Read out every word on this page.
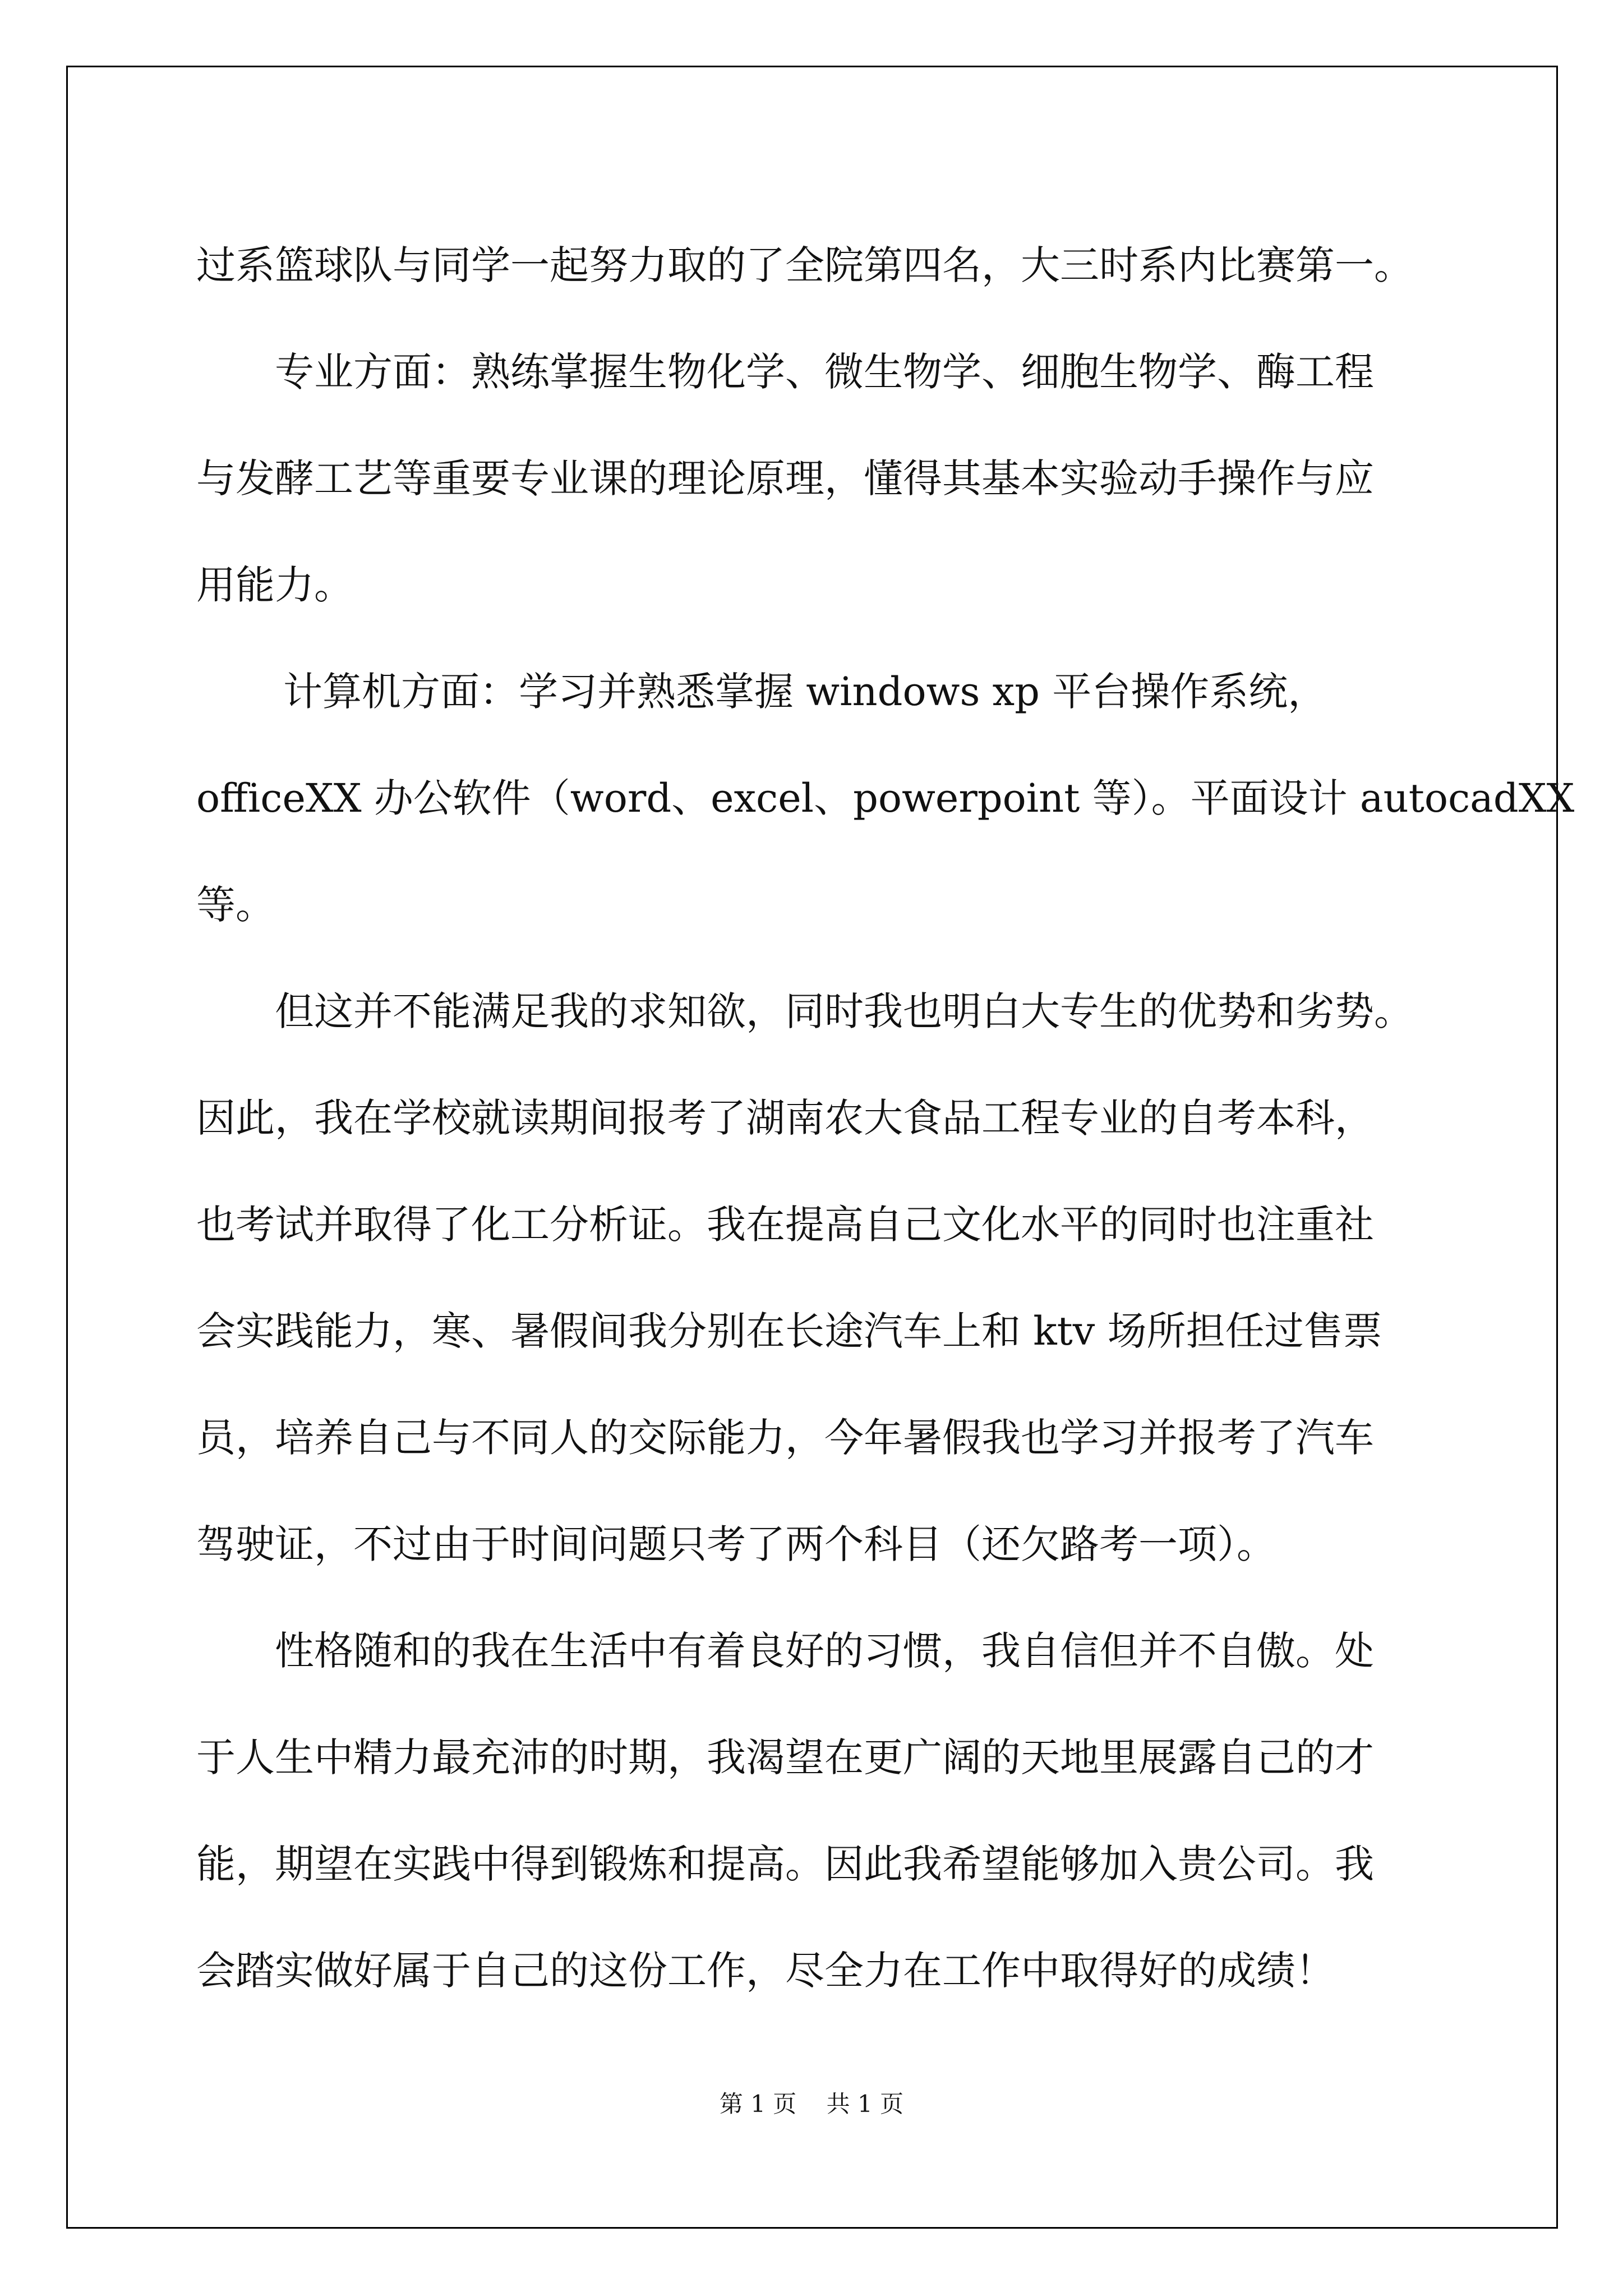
过系篮球队与同学一起努力取的了全院第四名，大三时系内比赛第一。
专业方面：熟练掌握生物化学、微生物学、细胞生物学、酶工程
与发酵工艺等重要专业课的理论原理，懂得其基本实验动手操作与应
用能力。
计算机方面：学习并熟悉掌握 windows xp 平台操作系统，
officeXX 办公软件（word、excel、powerpoint 等）。平面设计 autocadXX
等。
但这并不能满足我的求知欲，同时我也明白大专生的优势和劣势。
因此，我在学校就读期间报考了湖南农大食品工程专业的自考本科，
也考试并取得了化工分析证。我在提高自己文化水平的同时也注重社
会实践能力，寒、暑假间我分别在长途汽车上和 ktv 场所担任过售票
员，培养自己与不同人的交际能力，今年暑假我也学习并报考了汽车
驾驶证，不过由于时间问题只考了两个科目（还欠路考一项）。
性格随和的我在生活中有着良好的习惯，我自信但并不自傲。处
于人生中精力最充沛的时期，我渴望在更广阔的天地里展露自己的才
能，期望在实践中得到锻炼和提高。因此我希望能够加入贵公司。我
会踏实做好属于自己的这份工作，尽全力在工作中取得好的成绩！
第 1 页 共 1 页
